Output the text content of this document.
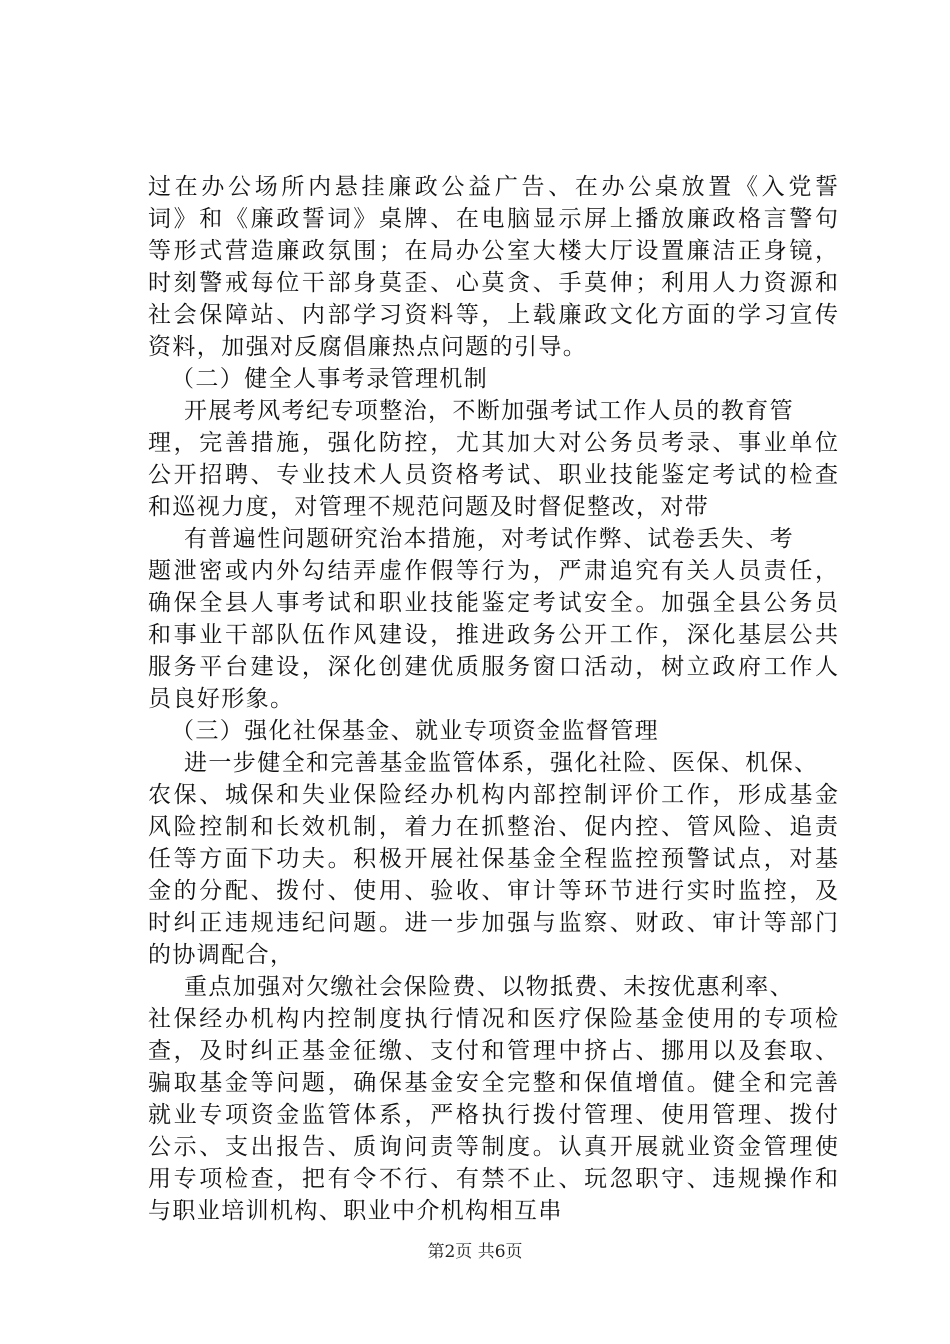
过在办公场所内悬挂廉政公益广告、在办公桌放置《入党誓
词》和《廉政誓词》桌牌、在电脑显示屏上播放廉政格言警句
等形式营造廉政氛围；在局办公室大楼大厅设置廉洁正身镜，
时刻警戒每位干部身莫歪、心莫贪、手莫伸；利用人力资源和
社会保障站、内部学习资料等，上载廉政文化方面的学习宣传
资料，加强对反腐倡廉热点问题的引导。
（二）健全人事考录管理机制
开展考风考纪专项整治，不断加强考试工作人员的教育管
理，完善措施，强化防控，尤其加大对公务员考录、事业单位
公开招聘、专业技术人员资格考试、职业技能鉴定考试的检查
和巡视力度，对管理不规范问题及时督促整改，对带
有普遍性问题研究治本措施，对考试作弊、试卷丢失、考
题泄密或内外勾结弄虚作假等行为，严肃追究有关人员责任，
确保全县人事考试和职业技能鉴定考试安全。加强全县公务员
和事业干部队伍作风建设，推进政务公开工作，深化基层公共
服务平台建设，深化创建优质服务窗口活动，树立政府工作人
员良好形象。
（三）强化社保基金、就业专项资金监督管理
进一步健全和完善基金监管体系，强化社险、医保、机保、
农保、城保和失业保险经办机构内部控制评价工作，形成基金
风险控制和长效机制，着力在抓整治、促内控、管风险、追责
任等方面下功夫。积极开展社保基金全程监控预警试点，对基
金的分配、拨付、使用、验收、审计等环节进行实时监控，及
时纠正违规违纪问题。进一步加强与监察、财政、审计等部门
的协调配合，
重点加强对欠缴社会保险费、以物抵费、未按优惠利率、
社保经办机构内控制度执行情况和医疗保险基金使用的专项检
查，及时纠正基金征缴、支付和管理中挤占、挪用以及套取、
骗取基金等问题，确保基金安全完整和保值增值。健全和完善
就业专项资金监管体系，严格执行拨付管理、使用管理、拨付
公示、支出报告、质询问责等制度。认真开展就业资金管理使
用专项检查，把有令不行、有禁不止、玩忽职守、违规操作和
与职业培训机构、职业中介机构相互串
第2页 共6页
